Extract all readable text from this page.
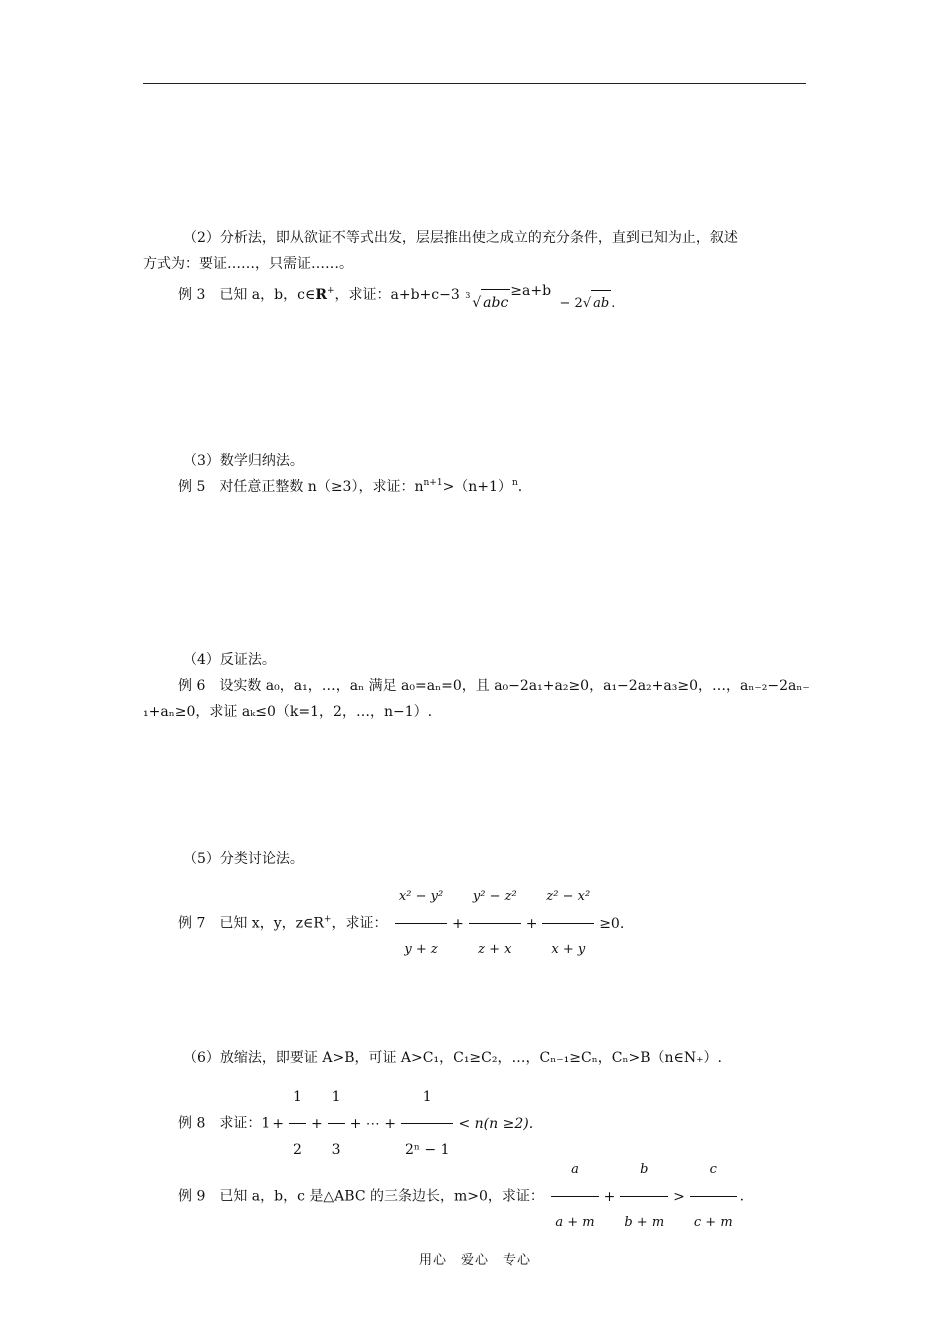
（2）分析法，即从欲证不等式出发，层层推出使之成立的充分条件，直到已知为止，叙述
方式为：要证……，只需证……。
例 3　已知 a，b，c∈R+，求证：a+b+c−3 3 √ abc≥a+b − 2√ ab .
（3）数学归纳法。
例 5　对任意正整数 n（≥3），求证：$n^{n+1}>(n+1)^n$.
（4）反证法。
例 6　设实数 a₀，a₁，…，aₙ 满足 a₀=aₙ=0，且 a₀−2a₁+a₂≥0，a₁−2a₂+a₃≥0，…，aₙ₋₂−2aₙ₋
₁+aₙ≥0，求证 aₖ≤0（k=1，2，…，n−1）.
（5）分类讨论法。
例 7　已知 x，y，z∈R+，求证： $\frac{\text{x² − y²}}{y + z} + \frac{\text{y² − z²}}{z + x} + \frac{\text{z² − x²}}{x + y} \ge 0$.
（6）放缩法，即要证 A>B，可证 A>C₁，C₁≥C₂，…，Cₙ₋₁≥Cₙ，Cₙ>B（n∈N₊）.
例 8　求证：$1 + \frac{1}{2} + \frac{1}{3}$ + ⋯ + $\frac{1}{\text{2ⁿ − 1}} < n(n \ge 2)$.
例 9　已知 a，b，c 是△ABC 的三条边长，m>0，求证： $\frac{a}{a + m} + \frac{b}{b + m} > \frac{c}{c + m}$ .
用心　爱心　专心
